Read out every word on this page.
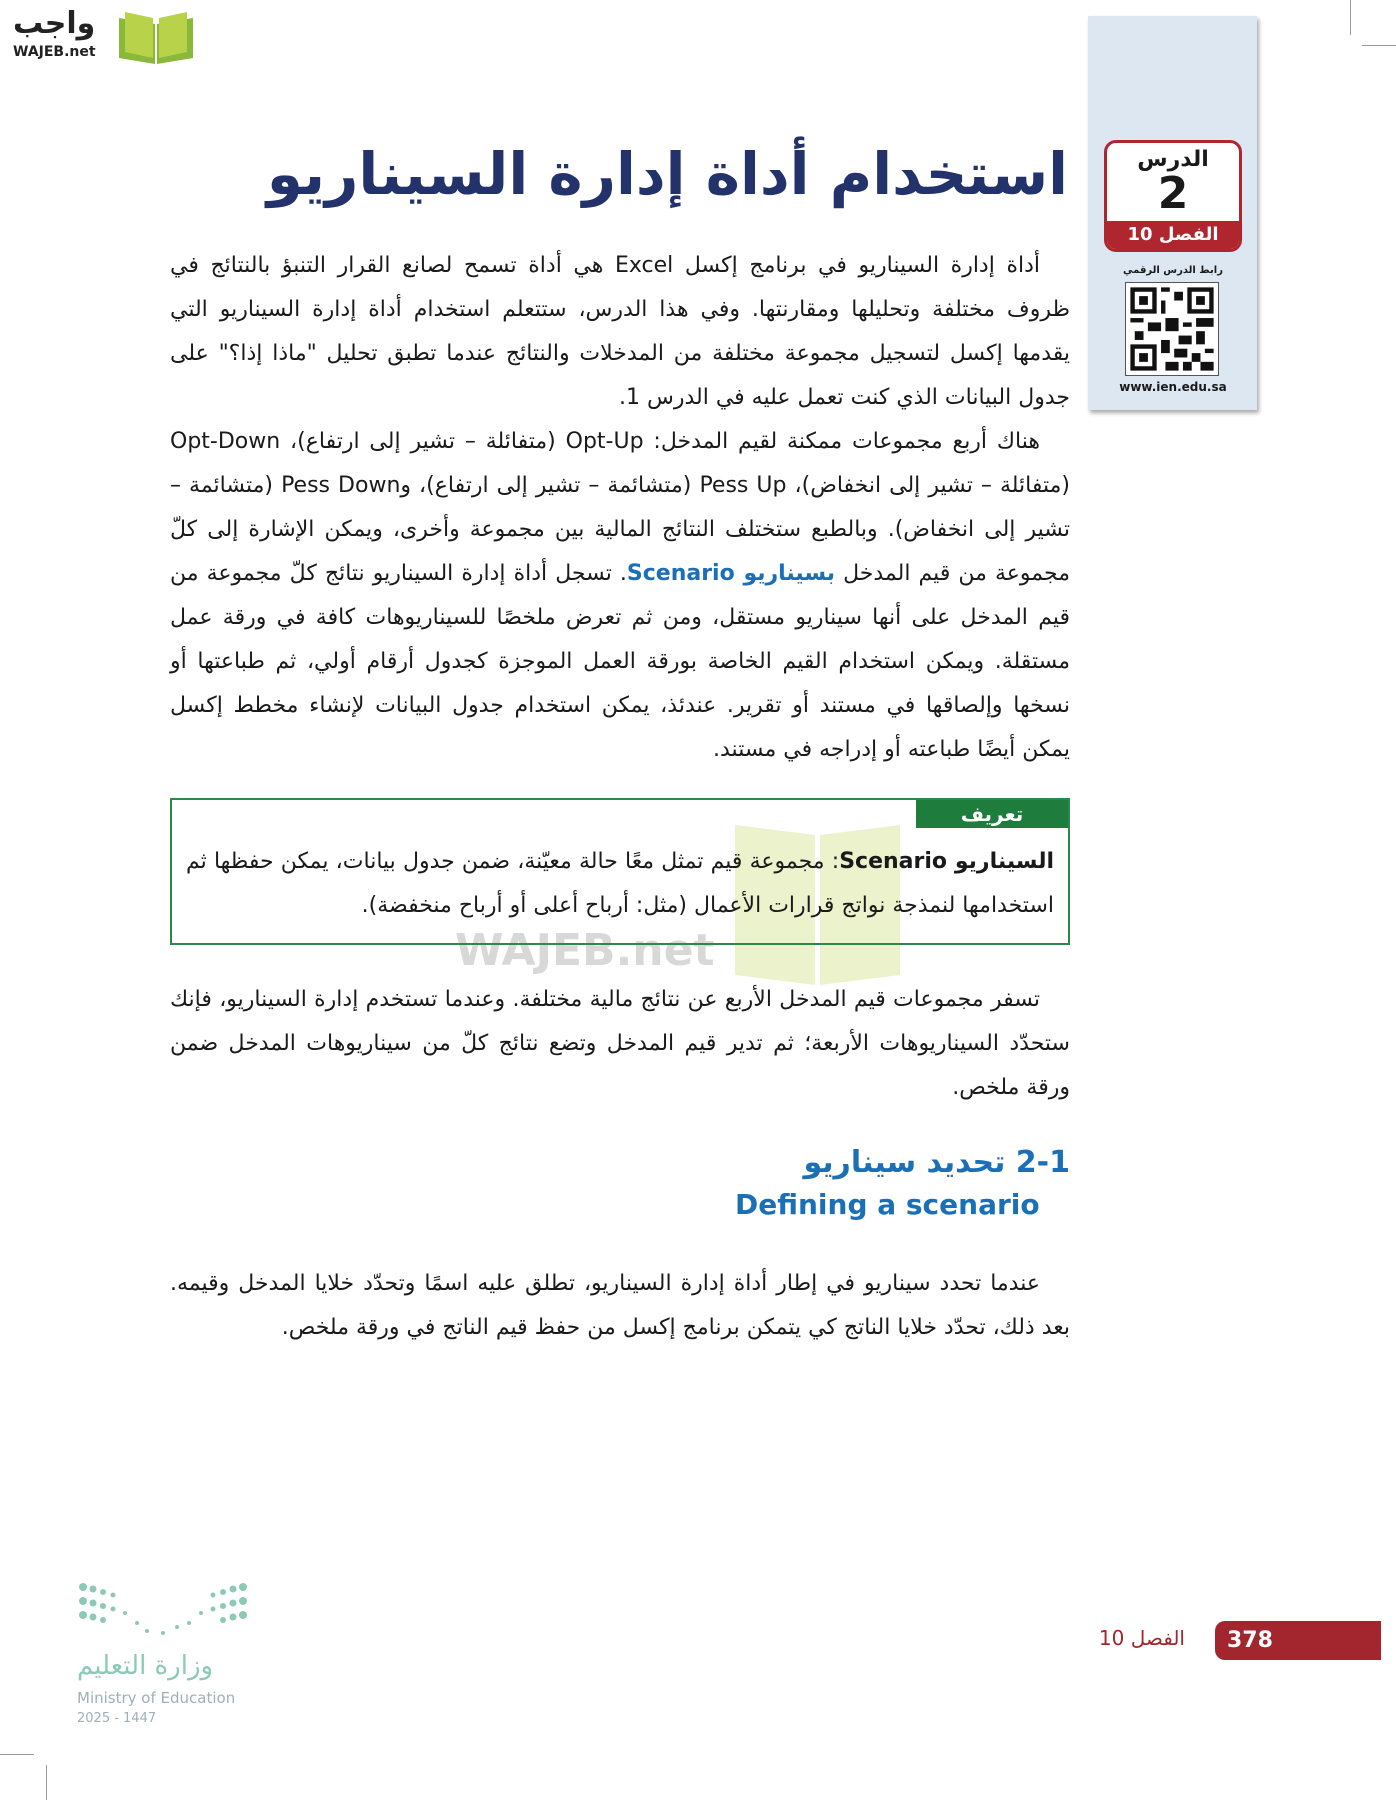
واجب
WAJEB.net
الدرس
2
الفصل 10
رابط الدرس الرقمي
www.ien.edu.sa
استخدام أداة إدارة السيناريو
أداة إدارة السيناريو في برنامج إكسل Excel هي أداة تسمح لصانع القرار التنبؤ بالنتائج في ظروف مختلفة وتحليلها ومقارنتها. وفي هذا الدرس، ستتعلم استخدام أداة إدارة السيناريو التي يقدمها إكسل لتسجيل مجموعة مختلفة من المدخلات والنتائج عندما تطبق تحليل "ماذا إذا؟" على جدول البيانات الذي كنت تعمل عليه في الدرس 1.
هناك أربع مجموعات ممكنة لقيم المدخل: Opt-Up (متفائلة – تشير إلى ارتفاع)، Opt-Down (متفائلة – تشير إلى انخفاض)، Pess Up (متشائمة – تشير إلى ارتفاع)، وPess Down (متشائمة – تشير إلى انخفاض). وبالطبع ستختلف النتائج المالية بين مجموعة وأخرى، ويمكن الإشارة إلى كلّ مجموعة من قيم المدخل بسيناريو Scenario. تسجل أداة إدارة السيناريو نتائج كلّ مجموعة من قيم المدخل على أنها سيناريو مستقل، ومن ثم تعرض ملخصًا للسيناريوهات كافة في ورقة عمل مستقلة. ويمكن استخدام القيم الخاصة بورقة العمل الموجزة كجدول أرقام أولي، ثم طباعتها أو نسخها وإلصاقها في مستند أو تقرير. عندئذ، يمكن استخدام جدول البيانات لإنشاء مخطط إكسل يمكن أيضًا طباعته أو إدراجه في مستند.
WAJEB.net
تعريف
السيناريو Scenario: مجموعة قيم تمثل معًا حالة معيّنة، ضمن جدول بيانات، يمكن حفظها ثم استخدامها لنمذجة نواتج قرارات الأعمال (مثل: أرباح أعلى أو أرباح منخفضة).
تسفر مجموعات قيم المدخل الأربع عن نتائج مالية مختلفة. وعندما تستخدم إدارة السيناريو، فإنك ستحدّد السيناريوهات الأربعة؛ ثم تدير قيم المدخل وتضع نتائج كلّ من سيناريوهات المدخل ضمن ورقة ملخص.
2-1 تحديد سيناريو
Defining a scenario
عندما تحدد سيناريو في إطار أداة إدارة السيناريو، تطلق عليه اسمًا وتحدّد خلايا المدخل وقيمه. بعد ذلك، تحدّد خلايا الناتج كي يتمكن برنامج إكسل من حفظ قيم الناتج في ورقة ملخص.
378
الفصل 10
وزارة التعليم
Ministry of Education
2025 - 1447
